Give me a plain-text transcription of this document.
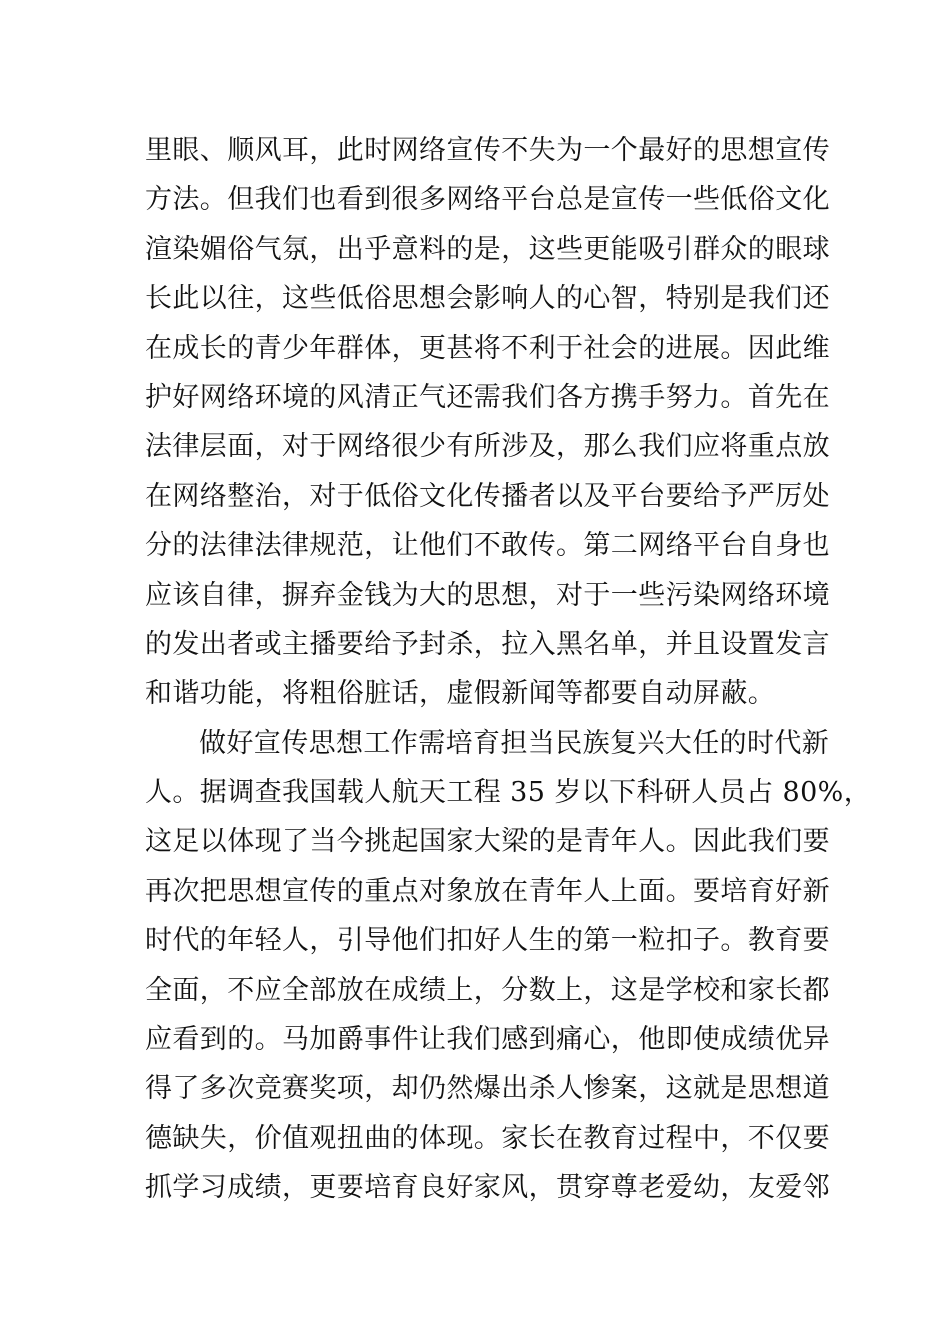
里眼、顺风耳，此时网络宣传不失为一个最好的思想宣传
方法。但我们也看到很多网络平台总是宣传一些低俗文化
渲染媚俗气氛，出乎意料的是，这些更能吸引群众的眼球
长此以往，这些低俗思想会影响人的心智，特别是我们还
在成长的青少年群体，更甚将不利于社会的进展。因此维
护好网络环境的风清正气还需我们各方携手努力。首先在
法律层面，对于网络很少有所涉及，那么我们应将重点放
在网络整治，对于低俗文化传播者以及平台要给予严厉处
分的法律法律规范，让他们不敢传。第二网络平台自身也
应该自律，摒弃金钱为大的思想，对于一些污染网络环境
的发出者或主播要给予封杀，拉入黑名单，并且设置发言
和谐功能，将粗俗脏话，虚假新闻等都要自动屏蔽。
做好宣传思想工作需培育担当民族复兴大任的时代新
人。据调查我国载人航天工程 35 岁以下科研人员占 80%，
这足以体现了当今挑起国家大梁的是青年人。因此我们要
再次把思想宣传的重点对象放在青年人上面。要培育好新
时代的年轻人，引导他们扣好人生的第一粒扣子。教育要
全面，不应全部放在成绩上，分数上，这是学校和家长都
应看到的。马加爵事件让我们感到痛心，他即使成绩优异
得了多次竞赛奖项，却仍然爆出杀人惨案，这就是思想道
德缺失，价值观扭曲的体现。家长在教育过程中，不仅要
抓学习成绩，更要培育良好家风，贯穿尊老爱幼，友爱邻
